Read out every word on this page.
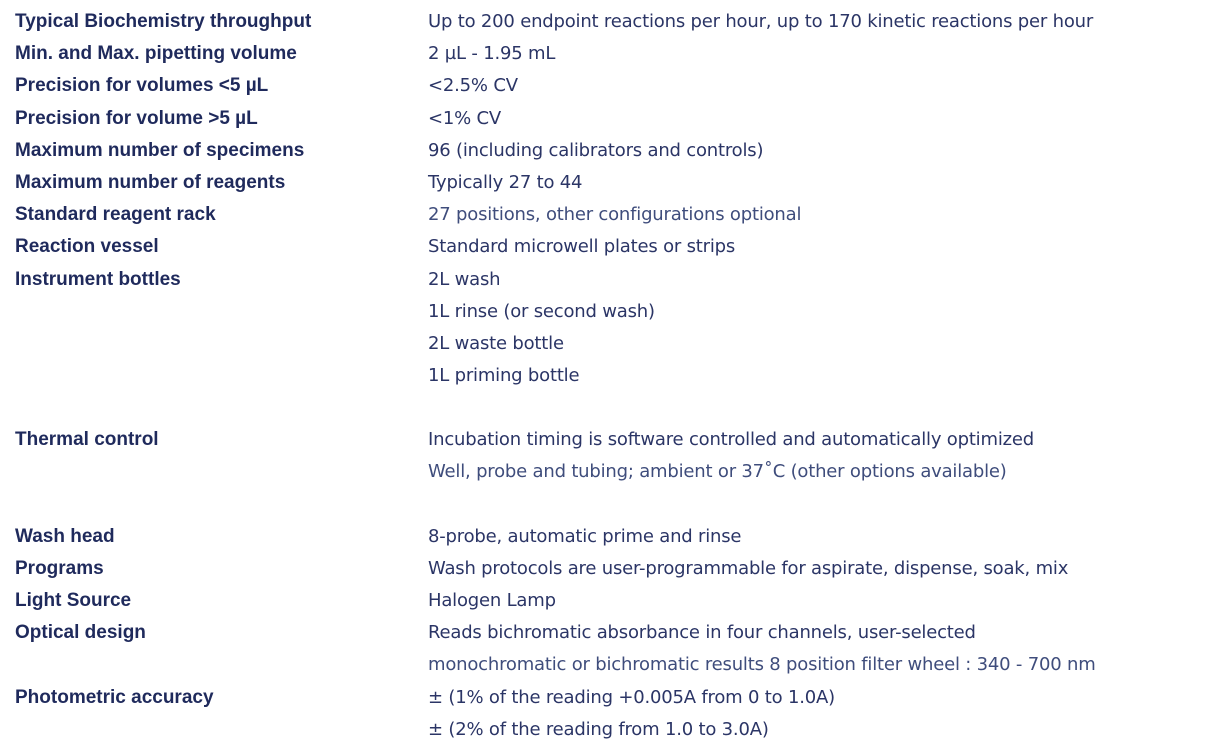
Typical Biochemistry throughput	Up to 200 endpoint reactions per hour, up to 170 kinetic reactions per hour
Min. and Max. pipetting volume	2 µL - 1.95 mL
Precision for volumes <5 µL	<2.5% CV
Precision for volume >5 µL	<1% CV
Maximum number of specimens	96 (including calibrators and controls)
Maximum number of reagents	Typically 27 to 44
Standard reagent rack	27 positions, other configurations optional
Reaction vessel	Standard microwell plates or strips
Instrument bottles	2L wash
1L rinse (or second wash)
2L waste bottle
1L priming bottle
Thermal control	Incubation timing is software controlled and automatically optimized
Well, probe and tubing; ambient or 37˚C (other options available)
Wash head	8-probe, automatic prime and rinse
Programs	Wash protocols are user-programmable for aspirate, dispense, soak, mix
Light Source	Halogen Lamp
Optical design	Reads bichromatic absorbance in four channels, user-selected
monochromatic or bichromatic results 8 position filter wheel : 340 - 700 nm
Photometric accuracy	± (1% of the reading +0.005A from 0 to 1.0A)
± (2% of the reading from 1.0 to 3.0A)
